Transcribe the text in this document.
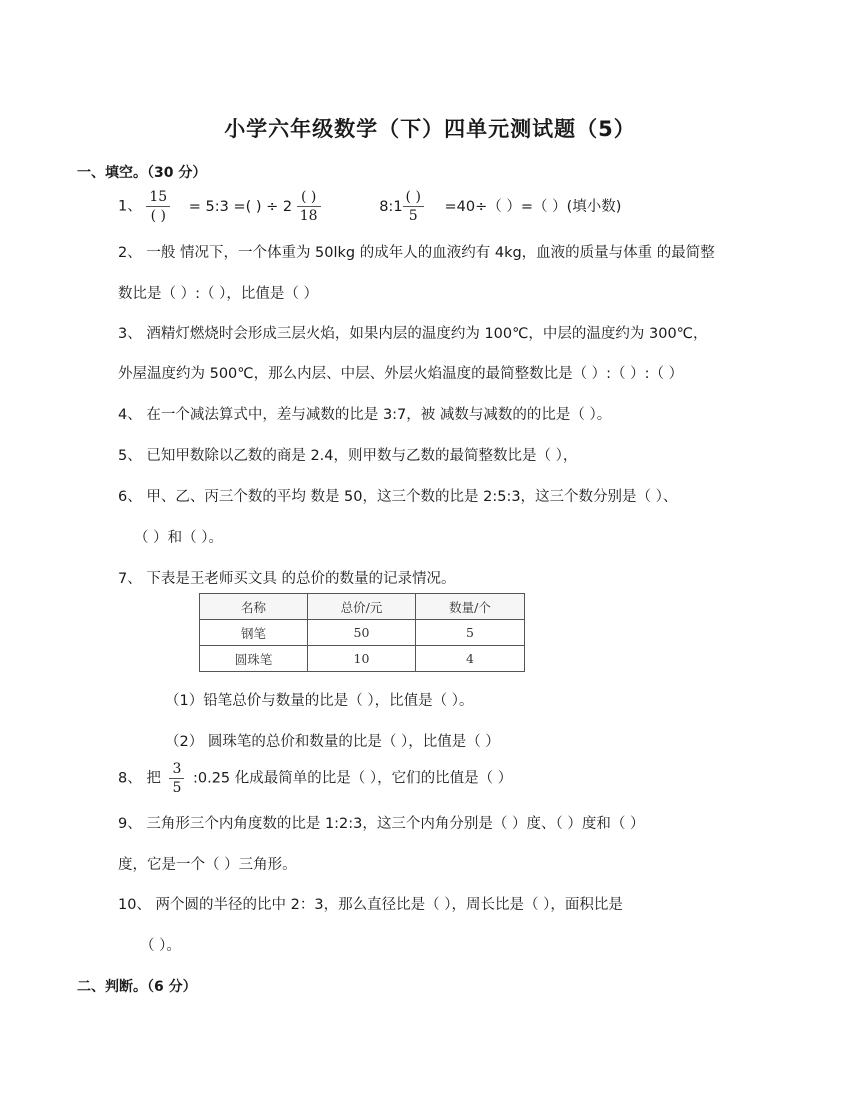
小学六年级数学（下）四单元测试题（5）
一、填空。（30 分）
1、 $\frac{15}{( )}$ = 5:3 =( ) ÷ $2 \frac{( )}{18}$	8:1 $\frac{( )}{5} =40\div$（ ）=（ ）(填小数)
2、 一般 情况下，一个体重为 50lkg 的成年人的血液约有 4kg，血液的质量与体重 的最简整
数比是（ ）:（ ），比值是（ ）
3、 酒精灯燃烧时会形成三层火焰，如果内层的温度约为 100℃，中层的温度约为 300℃，
外屋温度约为 500℃，那么内层、中层、外层火焰温度的最简整数比是（ ）:（ ）:（ ）
4、 在一个减法算式中，差与减数的比是 3:7，被 减数与减数的的比是（ ）。
5、 已知甲数除以乙数的商是 2.4，则甲数与乙数的最简整数比是（ ），
6、 甲、乙、丙三个数的平均 数是 50，这三个数的比是 2:5:3，这三个数分别是（ ）、
（ ）和（ ）。
7、 下表是王老师买文具 的总价的数量的记录情况。
名称	总价/元	数量/个
钢笔	50	5
圆珠笔	10	4
（1）铅笔总价与数量的比是（ ），比值是（ ）。
（2） 圆珠笔的总价和数量的比是（ ），比值是（ ）
8、 把 $\frac{3}{5}$ :0.25 化成最简单的比是（ ），它们的比值是（ ）
9、 三角形三个内角度数的比是 1:2:3，这三个内角分别是（ ）度、（ ）度和（ ）
度，它是一个（ ）三角形。
10、 两个圆的半径的比中 2：3，那么直径比是（ ），周长比是（ ），面积比是
（ ）。
二、判断。（6 分）
